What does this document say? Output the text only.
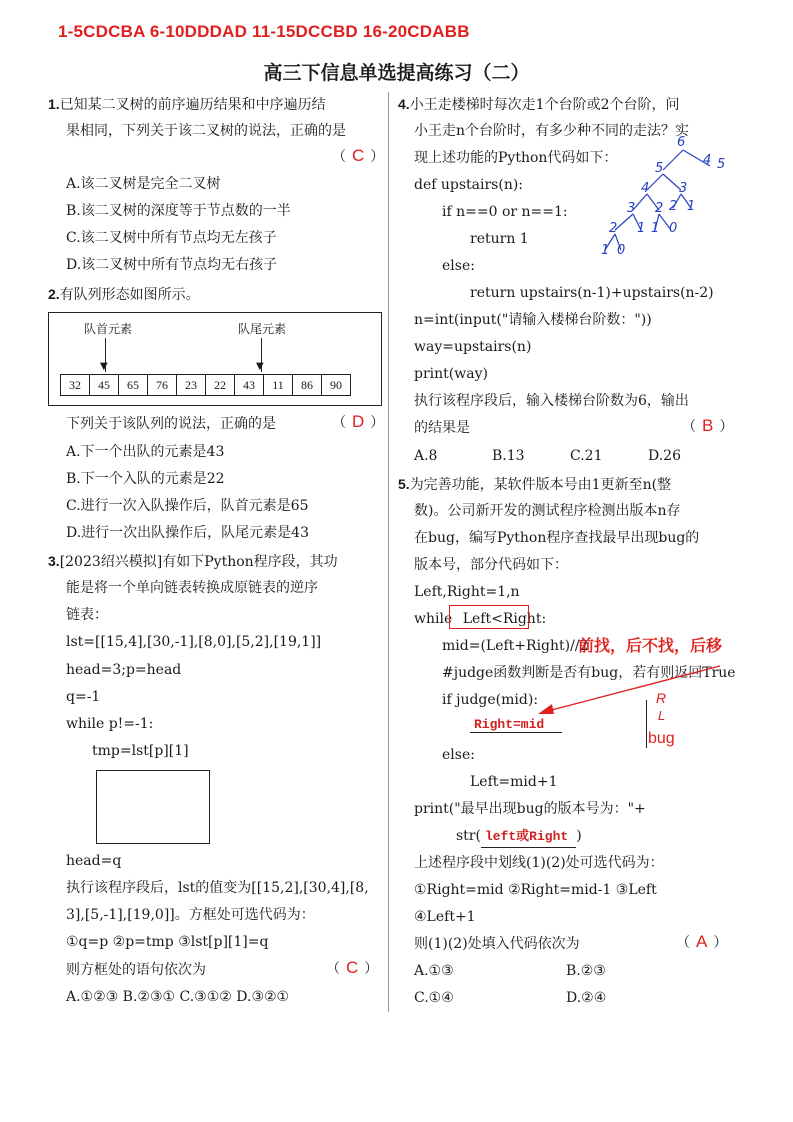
1-5CDCBA 6-10DDDAD 11-15DCCBD 16-20CDABB
高三下信息单选提高练习（二）
1.已知某二叉树的前序遍历结果和中序遍历结
果相同，下列关于该二叉树的说法，正确的是
（ C ）
A.该二叉树是完全二叉树
B.该二叉树的深度等于节点数的一半
C.该二叉树中所有节点均无左孩子
D.该二叉树中所有节点均无右孩子
2.有队列形态如图所示。
队首元素	队尾元素
▼	▼
32	45	65	76	23	22	43	11	86	90
下列关于该队列的说法，正确的是	（ D ）
A.下一个出队的元素是43
B.下一个入队的元素是22
C.进行一次入队操作后，队首元素是65
D.进行一次出队操作后，队尾元素是43
3.[2023绍兴模拟]有如下Python程序段，其功
能是将一个单向链表转换成原链表的逆序
链表：
lst=[[15,4],[30,-1],[8,0],[5,2],[19,1]]
head=3;p=head
q=-1
while p!=-1:
tmp=lst[p][1]
head=q
执行该程序段后，lst的值变为[[15,2],[30,4],[8,
3],[5,-1],[19,0]]。方框处可选代码为：
①q=p ②p=tmp ③lst[p][1]=q
则方框处的语句依次为	（ C ）
A.①②③ B.②③① C.③①② D.③②①
4.小王走楼梯时每次走1个台阶或2个台阶，问
小王走n个台阶时，有多少种不同的走法？实
现上述功能的Python代码如下：
def upstairs(n):
if n==0 or n==1:
return 1
else:
return upstairs(n-1)+upstairs(n-2)
n=int(input("请输入楼梯台阶数："))
way=upstairs(n)
print(way)
执行该程序段后，输入楼梯台阶数为6，输出
的结果是	（ B ）
A.8	B.13	C.21	D.26
6
5
4 5
4 3
3 2 2 1
2 1 1 0
1 0
5.为完善功能，某软件版本号由1更新至n(整
数)。公司新开发的测试程序检测出版本n存
在bug，编写Python程序查找最早出现bug的
版本号，部分代码如下：
Left,Right=1,n
while Left<Right:
mid=(Left+Right)//2
前找，后不找，后移
#judge函数判断是否有bug，若有则返回True
if judge(mid):
Right=mid
R
L
bug
else:
Left=mid+1
print("最早出现bug的版本号为："+
str( left或Right )
上述程序段中划线(1)(2)处可选代码为：
①Right=mid ②Right=mid-1 ③Left
④Left+1
则(1)(2)处填入代码依次为	（ A ）
A.①③	B.②③
C.①④	D.②④
